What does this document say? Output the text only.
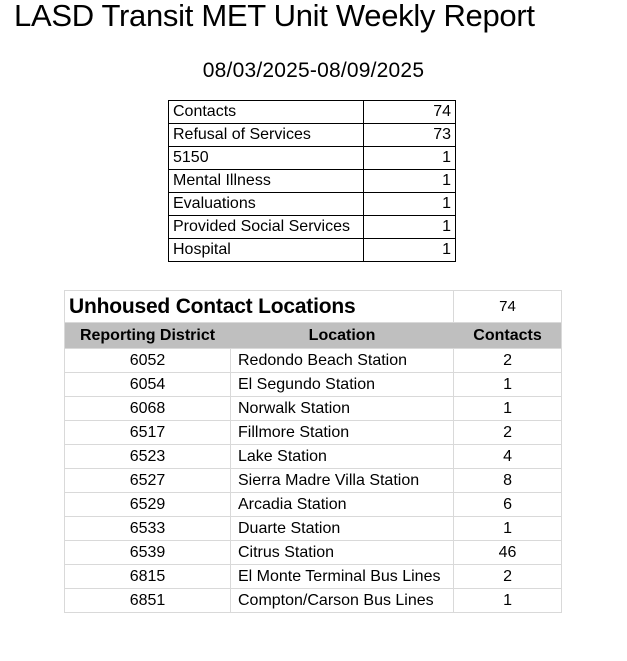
LASD Transit MET Unit Weekly Report
08/03/2025-08/09/2025
Contacts	74
Refusal of Services	73
5150	1
Mental Illness	1
Evaluations	1
Provided Social Services	1
Hospital	1
Unhoused Contact Locations		74
Reporting District	Location	Contacts
6052	Redondo Beach Station	2
6054	El Segundo Station	1
6068	Norwalk Station	1
6517	Fillmore Station	2
6523	Lake Station	4
6527	Sierra Madre Villa Station	8
6529	Arcadia Station	6
6533	Duarte Station	1
6539	Citrus Station	46
6815	El Monte Terminal Bus Lines	2
6851	Compton/Carson Bus Lines	1
